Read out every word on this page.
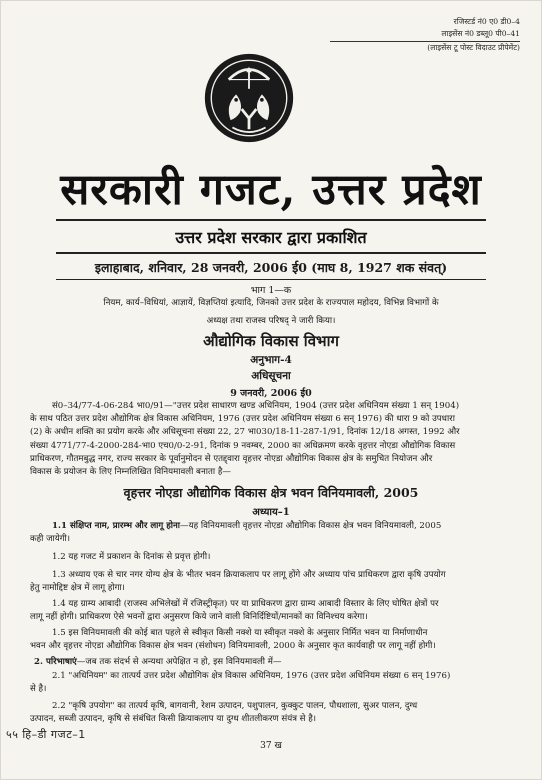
रजिस्टर्ड नं0 ए0 डी0–4
लाइसेंस नं0 डब्लू0 पी0–41
(लाइसेंस टू पोस्ट विदाउट प्रीपेमेंट)
सरकारी गजट, उत्तर प्रदेश
उत्तर प्रदेश सरकार द्वारा प्रकाशित
इलाहाबाद, शनिवार, 28 जनवरी, 2006 ई0 (माघ 8, 1927 शक संवत्)
भाग 1—क
नियम, कार्य–विधियां, आज्ञायें, विज्ञप्तियां इत्यादि, जिनको उत्तर प्रदेश के राज्यपाल महोदय, विभिन्न विभागों के
अध्यक्ष तथा राजस्व परिषद् ने जारी किया।
औद्योगिक विकास विभाग
अनुभाग-4
अधिसूचना
9 जनवरी, 2006 ई0
सं0–34/77-4-06-284 भा0/91—"उत्तर प्रदेश साधारण खण्ड अधिनियम, 1904 (उत्तर प्रदेश अधिनियम संख्या 1 सन् 1904)
के साथ पठित उत्तर प्रदेश औद्योगिक क्षेत्र विकास अधिनियम, 1976 (उत्तर प्रदेश अधिनियम संख्या 6 सन् 1976) की धारा 9 को उपधारा
(2) के अधीन शक्ति का प्रयोग करके और अधिसूचना संख्या 22, 27 भा030/18-11-287-1/91, दिनांक 12/18 अगस्त, 1992 और
संख्या 4771/77-4-2000-284-भा0 एच0/0-2-91, दिनांक 9 नवम्बर, 2000 का अधिक्रमण करके वृहत्तर नोएडा औद्योगिक विकास
प्राधिकरण, गौतमबुद्ध नगर, राज्य सरकार के पूर्वानुमोदन से एतद्द्वारा वृहत्तर नोएडा औद्योगिक विकास क्षेत्र के समुचित नियोजन और
विकास के प्रयोजन के लिए निम्नलिखित विनियमावली बनाता है—
वृहत्तर नोएडा औद्योगिक विकास क्षेत्र भवन विनियमावली, 2005
अध्याय–1
1.1 संक्षिप्त नाम, प्रारम्भ और लागू होना—यह विनियमावली वृहत्तर नोएडा औद्योगिक विकास क्षेत्र भवन विनियमावली, 2005
कही जायेगी।
1.2 यह गजट में प्रकाशन के दिनांक से प्रवृत्त होगी।
1.3 अध्याय एक से चार नगर योग्य क्षेत्र के भीतर भवन क्रियाकलाप पर लागू होंगे और अध्याय पांच प्राधिकरण द्वारा कृषि उपयोग
हेतु नामोद्दिष्ट क्षेत्र में लागू होगा।
1.4 यह ग्राम्य आबादी (राजस्व अभिलेखों में रजिस्ट्रीकृत) पर या प्राधिकरण द्वारा ग्राम्य आबादी विस्तार के लिए घोषित क्षेत्रों पर
लागू नहीं होगी। प्राधिकरण ऐसे भवनों द्वारा अनुसरण किये जाने वाली विनिर्दिष्टियों/मानकों का विनिश्चय करेगा।
1.5 इस विनियमावली की कोई बात पहले से स्वीकृत किसी नक्शे या स्वीकृत नक्शे के अनुसार निर्मित भवन या निर्माणाधीन
भवन और वृहत्तर नोएडा औद्योगिक विकास क्षेत्र भवन (संशोधन) विनियमावली, 2000 के अनुसार कृत कार्यवाही पर लागू नहीं होगी।
2. परिभाषाएं—जब तक संदर्भ से अन्यथा अपेक्षित न हो, इस विनियमावली में—
2.1 "अधिनियम" का तात्पर्य उत्तर प्रदेश औद्योगिक क्षेत्र विकास अधिनियम, 1976 (उत्तर प्रदेश अधिनियम संख्या 6 सन् 1976)
से है।
2.2 "कृषि उपयोग" का तात्पर्य कृषि, बागवानी, रेशम उत्पादन, पशुपालन, कुक्कुट पालन, पौधशाला, सुअर पालन, दुग्ध
उत्पादन, सब्जी उत्पादन, कृषि से संबंधित किसी क्रियाकलाप या दुग्ध शीतलीकरण संयंत्र से है।
५५ हि–डी गजट–1
37 ख
